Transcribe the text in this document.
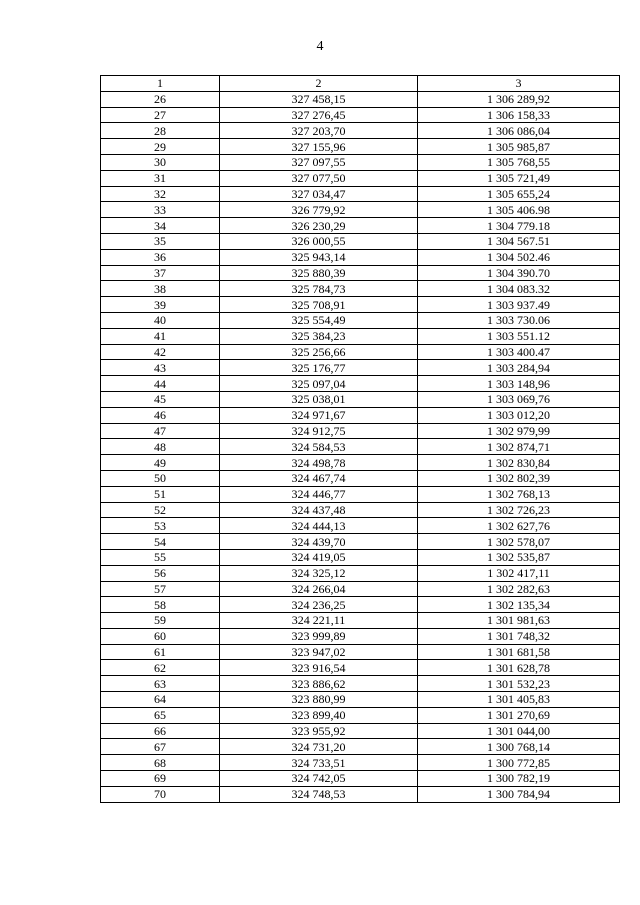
4
1	2	3
26	327 458,15	1 306 289,92
27	327 276,45	1 306 158,33
28	327 203,70	1 306 086,04
29	327 155,96	1 305 985,87
30	327 097,55	1 305 768,55
31	327 077,50	1 305 721,49
32	327 034,47	1 305 655,24
33	326 779,92	1 305 406.98
34	326 230,29	1 304 779.18
35	326 000,55	1 304 567.51
36	325 943,14	1 304 502.46
37	325 880,39	1 304 390.70
38	325 784,73	1 304 083.32
39	325 708,91	1 303 937.49
40	325 554,49	1 303 730.06
41	325 384,23	1 303 551.12
42	325 256,66	1 303 400.47
43	325 176,77	1 303 284,94
44	325 097,04	1 303 148,96
45	325 038,01	1 303 069,76
46	324 971,67	1 303 012,20
47	324 912,75	1 302 979,99
48	324 584,53	1 302 874,71
49	324 498,78	1 302 830,84
50	324 467,74	1 302 802,39
51	324 446,77	1 302 768,13
52	324 437,48	1 302 726,23
53	324 444,13	1 302 627,76
54	324 439,70	1 302 578,07
55	324 419,05	1 302 535,87
56	324 325,12	1 302 417,11
57	324 266,04	1 302 282,63
58	324 236,25	1 302 135,34
59	324 221,11	1 301 981,63
60	323 999,89	1 301 748,32
61	323 947,02	1 301 681,58
62	323 916,54	1 301 628,78
63	323 886,62	1 301 532,23
64	323 880,99	1 301 405,83
65	323 899,40	1 301 270,69
66	323 955,92	1 301 044,00
67	324 731,20	1 300 768,14
68	324 733,51	1 300 772,85
69	324 742,05	1 300 782,19
70	324 748,53	1 300 784,94
